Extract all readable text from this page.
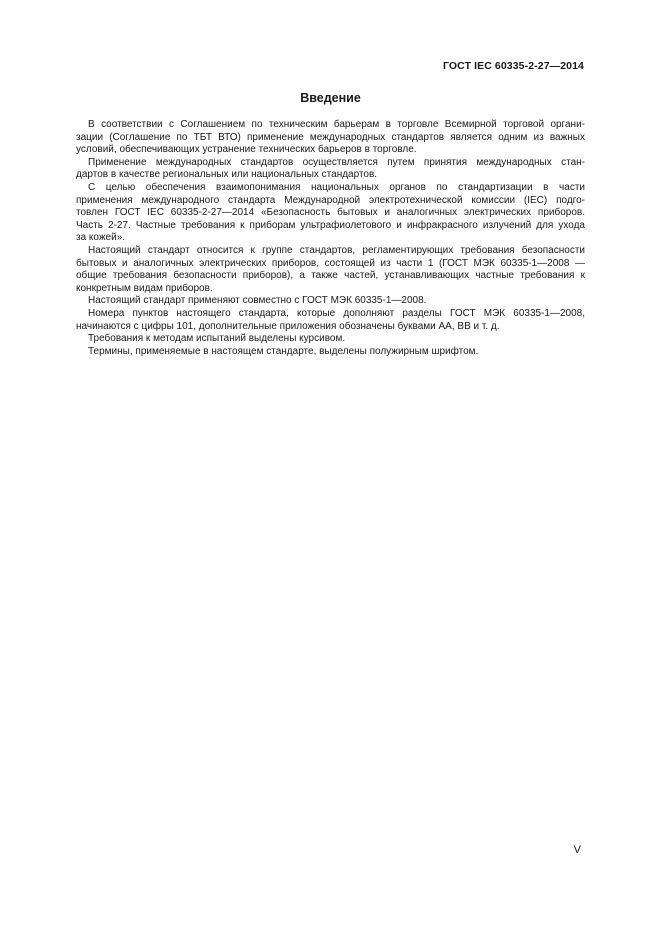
ГОСТ IEC 60335-2-27—2014
Введение

В соответствии с Соглашением по техническим барьерам в торговле Всемирной торговой органи-
зации (Соглашение по ТБТ ВТО) применение международных стандартов является одним из важных
условий, обеспечивающих устранение технических барьеров в торговле.

Применение международных стандартов осуществляется путем принятия международных стан-
дартов в качестве региональных или национальных стандартов.

С целью обеспечения взаимопонимания национальных органов по стандартизации в части
применения международного стандарта Международной электротехнической комиссии (IEC) подго-
товлен ГОСТ IEC 60335-2-27—2014 «Безопасность бытовых и аналогичных электрических приборов.
Часть 2-27. Частные требования к приборам ультрафиолетового и инфракрасного излучений для ухода
за кожей».

Настоящий стандарт относится к группе стандартов, регламентирующих требования безопасности
бытовых и аналогичных электрических приборов, состоящей из части 1 (ГОСТ МЭК 60335-1—2008 —
общие требования безопасности приборов), а также частей, устанавливающих частные требования к
конкретным видам приборов.

Настоящий стандарт применяют совместно с ГОСТ МЭК 60335-1—2008.

Номера пунктов настоящего стандарта, которые дополняют разделы ГОСТ МЭК 60335-1—2008,
начинаются с цифры 101, дополнительные приложения обозначены буквами АА, ВВ и т. д.

Требования к методам испытаний выделены курсивом.

Термины, применяемые в настоящем стандарте, выделены полужирным шрифтом.

V
